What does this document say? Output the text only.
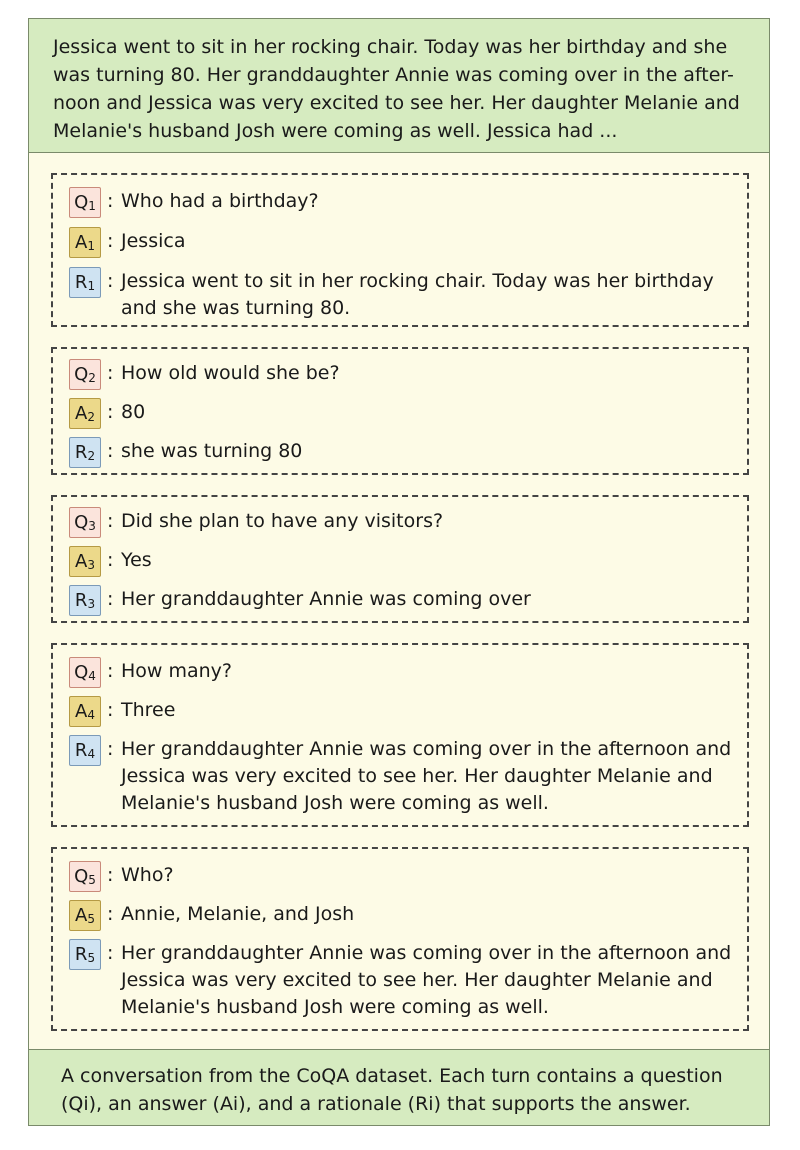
Jessica went to sit in her rocking chair. Today was her birthday and she was turning 80. Her granddaughter Annie was coming over in the after-noon and Jessica was very excited to see her. Her daughter Melanie and Melanie's husband Josh were coming as well. Jessica had ...
$Q_1$ : Who had a birthday?
$A_1$ : Jessica
$R_1$ : Jessica went to sit in her rocking chair. Today was her birthday and she was turning 80.
$Q_2$ : How old would she be?
$A_2$ : 80
$R_2$ : she was turning 80
$Q_3$ : Did she plan to have any visitors?
$A_3$ : Yes
$R_3$ : Her granddaughter Annie was coming over
$Q_4$ : How many?
$A_4$ : Three
$R_4$ : Her granddaughter Annie was coming over in the afternoon and Jessica was very excited to see her. Her daughter Melanie and Melanie's husband Josh were coming as well.
$Q_5$ : Who?
$A_5$ : Annie, Melanie, and Josh
$R_5$ : Her granddaughter Annie was coming over in the afternoon and Jessica was very excited to see her. Her daughter Melanie and Melanie's husband Josh were coming as well.
A conversation from the CoQA dataset. Each turn contains a question (Qi), an answer (Ai), and a rationale (Ri) that supports the answer.
